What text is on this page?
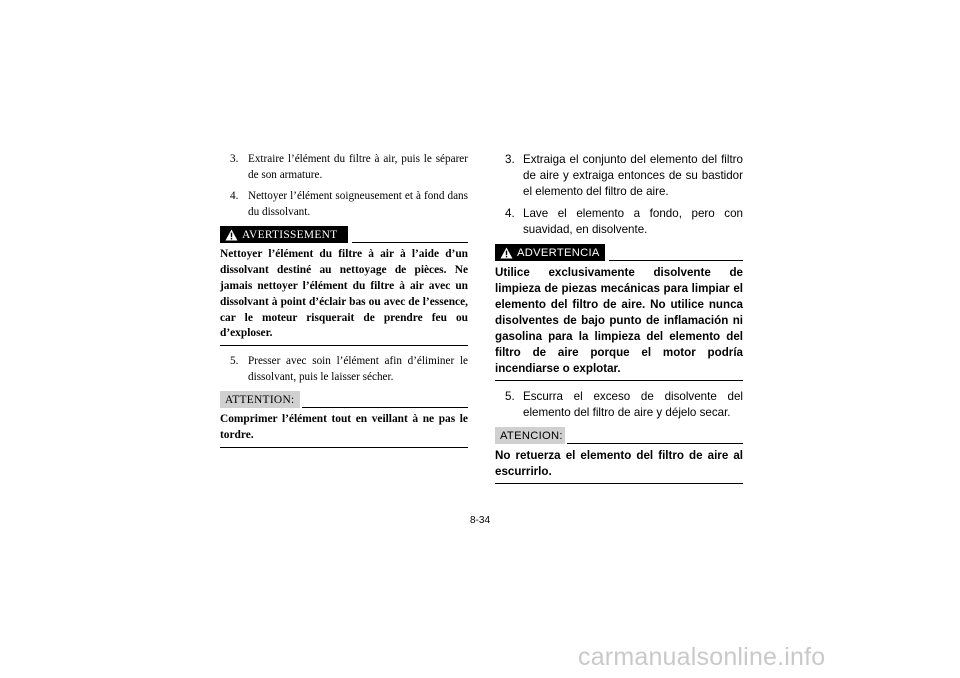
3. Extraire l’élément du filtre à air, puis le séparer de son armature.
4. Nettoyer l’élément soigneusement et à fond dans du dissolvant.
AVERTISSEMENT
Nettoyer l’élément du filtre à air à l’aide d’un dissolvant destiné au nettoyage de pièces. Ne jamais nettoyer l’élément du filtre à air avec un dissolvant à point d’éclair bas ou avec de l’essence, car le moteur risquerait de prendre feu ou d’exploser.
5. Presser avec soin l’élément afin d’éliminer le dissolvant, puis le laisser sécher.
ATTENTION:
Comprimer l’élément tout en veillant à ne pas le tordre.
3. Extraiga el conjunto del elemento del filtro de aire y extraiga entonces de su bastidor el elemento del filtro de aire.
4. Lave el elemento a fondo, pero con suavidad, en disolvente.
ADVERTENCIA
Utilice exclusivamente disolvente de limpieza de piezas mecánicas para limpiar el elemento del filtro de aire. No utilice nunca disolventes de bajo punto de inflamación ni gasolina para la limpieza del elemento del filtro de aire porque el motor podría incendiarse o explotar.
5. Escurra el exceso de disolvente del elemento del filtro de aire y déjelo secar.
ATENCION:
No retuerza el elemento del filtro de aire al escurrirlo.
8-34
carmanualsonline.info
